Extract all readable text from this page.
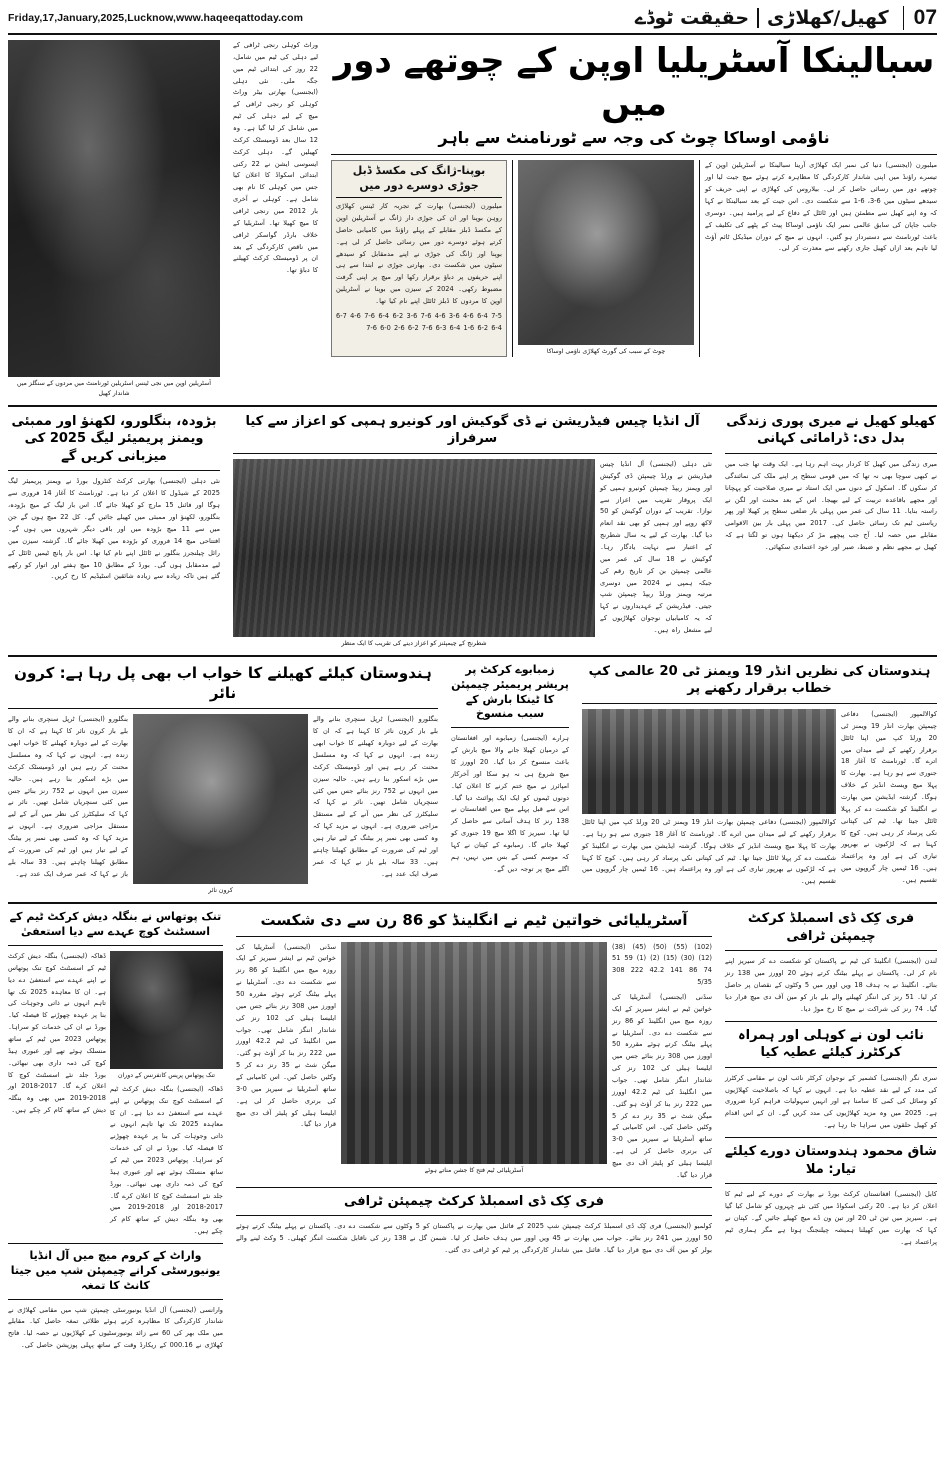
Friday,17,January,2025,Lucknow,www.haqeeqattoday.com	07
کھیل/کھلاڑی
حقیقت ٹوڈے
آسٹریلین اوپن میں نجی ٹینس اسٹریلین ٹورنامنٹ میں مردوں کے سنگلز میں شاندار کھیل
وراٹ کوہلی رنجی ٹرافی کے لیے دہلی کی ٹیم میں شامل، 22 روز کی ابتدائی ٹیم میں جگہ ملی۔ نئی دہلی (ایجنسی) بھارتی بیٹر وراٹ کوہلی کو رنجی ٹرافی کے میچ کے لیے دہلی کی ٹیم میں شامل کر لیا گیا ہے۔ وہ 12 سال بعد ڈومیسٹک کرکٹ کھیلیں گے۔ دہلی کرکٹ ایسوسی ایشن نے 22 رکنی ابتدائی اسکواڈ کا اعلان کیا جس میں کوہلی کا نام بھی شامل ہے۔ کوہلی نے آخری بار 2012 میں رنجی ٹرافی کا میچ کھیلا تھا۔ آسٹریلیا کے خلاف بارڈر گواسکر ٹرافی میں ناقص کارکردگی کے بعد ان پر ڈومیسٹک کرکٹ کھیلنے کا دباؤ تھا۔
سبالینکا آسٹریلیا اوپن کے چوتھے دور میں
ناؤمی اوساکا چوٹ کی وجہ سے ٹورنامنٹ سے باہر
بوپنا-ژانگ کی مکسڈ ڈبل جوڑی دوسرے دور میں
میلبورن (ایجنسی) بھارت کے تجربہ کار ٹینس کھلاڑی روہن بوپنا اور ان کی جوڑی دار ژانگ نے آسٹریلین اوپن کے مکسڈ ڈبلز مقابلے کے پہلے راؤنڈ میں کامیابی حاصل کرتے ہوئے دوسرے دور میں رسائی حاصل کر لی ہے۔ بوپنا اور ژانگ کی جوڑی نے اپنے مدمقابل کو سیدھے سیٹوں میں شکست دی۔ بھارتی جوڑی نے ابتدا سے ہی اپنے حریفوں پر دباؤ برقرار رکھا اور میچ پر اپنی گرفت مضبوط رکھی۔ 2024 کے سیزن میں بوپنا نے آسٹریلین اوپن کا مردوں کا ڈبلز ٹائٹل اپنے نام کیا تھا۔
7-5 6-4 4-6 3-6 4-6 7-6 3-6 6-2 6-4 7-6 4-6 6-7 6-4 6-2 1-6 6-4 6-3 7-6 6-2 2-6 6-0 7-6
چوٹ کے سبب کی گورٹ کھلاڑی ناؤمی اوساکا
میلبورن (ایجنسی) دنیا کی نمبر ایک کھلاڑی آرینا سبالینکا نے آسٹریلین اوپن کے تیسرے راؤنڈ میں اپنی شاندار کارکردگی کا مظاہرہ کرتے ہوئے میچ جیت لیا اور چوتھے دور میں رسائی حاصل کر لی۔ بیلاروس کی کھلاڑی نے اپنی حریف کو سیدھے سیٹوں میں 6-3، 6-1 سے شکست دی۔ اس جیت کے بعد سبالینکا نے کہا کہ وہ اپنے کھیل سے مطمئن ہیں اور ٹائٹل کے دفاع کے لیے پرامید ہیں۔ دوسری جانب جاپان کی سابق عالمی نمبر ایک ناؤمی اوساکا پیٹ کے پٹھے کی تکلیف کے باعث ٹورنامنٹ سے دستبردار ہو گئیں۔ انہوں نے میچ کے دوران میڈیکل ٹائم آؤٹ لیا تاہم بعد ازاں کھیل جاری رکھنے سے معذرت کر لی۔
بڑودہ، بنگلورو، لکھنؤ اور ممبئی ویمنز پریمیئر لیگ 2025 کی میزبانی کریں گے
نئی دہلی (ایجنسی) بھارتی کرکٹ کنٹرول بورڈ نے ویمنز پریمیئر لیگ 2025 کے شیڈول کا اعلان کر دیا ہے۔ ٹورنامنٹ کا آغاز 14 فروری سے ہوگا اور فائنل 15 مارچ کو کھیلا جائے گا۔ اس بار لیگ کے میچ بڑودہ، بنگلورو، لکھنؤ اور ممبئی میں کھیلے جائیں گے۔ کل 22 میچ ہوں گے جن میں سے 11 میچ بڑودہ میں اور باقی دیگر شہروں میں ہوں گے۔ افتتاحی میچ 14 فروری کو بڑودہ میں کھیلا جائے گا۔ گزشتہ سیزن میں رائل چیلنجرز بنگلور نے ٹائٹل اپنے نام کیا تھا۔ اس بار پانچ ٹیمیں ٹائٹل کے لیے مدمقابل ہوں گی۔ بورڈ کے مطابق 10 میچ ہفتے اور اتوار کو رکھے گئے ہیں تاکہ زیادہ سے زیادہ شائقین اسٹیڈیم کا رخ کریں۔
آل انڈیا چیس فیڈریشن نے ڈی گوکیش اور کونیرو ہمپی کو اعزاز سے کیا سرفراز
شطرنج کے چیمپئنز کو اعزاز دینے کی تقریب کا ایک منظر
نئی دہلی (ایجنسی) آل انڈیا چیس فیڈریشن نے ورلڈ چیمپئن ڈی گوکیش اور ویمنز ریپڈ چیمپئن کونیرو ہمپی کو ایک پروقار تقریب میں اعزاز سے نوازا۔ تقریب کے دوران گوکیش کو 50 لاکھ روپے اور ہمپی کو بھی نقد انعام دیا گیا۔ بھارت کے لیے یہ سال شطرنج کے اعتبار سے نہایت یادگار رہا۔ گوکیش نے 18 سال کی عمر میں عالمی چیمپئن بن کر تاریخ رقم کی جبکہ ہمپی نے 2024 میں دوسری مرتبہ ویمنز ورلڈ ریپڈ چیمپئن شپ جیتی۔ فیڈریشن کے عہدیداروں نے کہا کہ یہ کامیابیاں نوجوان کھلاڑیوں کے لیے مشعل راہ ہیں۔
کھیلو کھیل نے میری پوری زندگی بدل دی: ڈرامائی کہانی
میری زندگی میں کھیل کا کردار بہت اہم رہا ہے۔ ایک وقت تھا جب میں نے کبھی سوچا بھی نہ تھا کہ میں قومی سطح پر اپنے ملک کی نمائندگی کر سکوں گا۔ اسکول کے دنوں میں ایک استاد نے میری صلاحیت کو پہچانا اور مجھے باقاعدہ تربیت کے لیے بھیجا۔ اس کے بعد محنت اور لگن نے راستہ بنایا۔ 11 سال کی عمر میں پہلی بار ضلعی سطح پر کھیلا اور پھر ریاستی ٹیم تک رسائی حاصل کی۔ 2017 میں پہلی بار بین الاقوامی مقابلے میں حصہ لیا۔ آج جب پیچھے مڑ کر دیکھتا ہوں تو لگتا ہے کہ کھیل نے مجھے نظم و ضبط، صبر اور خود اعتمادی سکھائی۔
ہندوستان کیلئے کھیلنے کا خواب اب بھی پل رہا ہے: کرون نائر
بنگلورو (ایجنسی) ٹرپل سنچری بنانے والے بلے باز کرون نائر کا کہنا ہے کہ ان کا بھارت کے لیے دوبارہ کھیلنے کا خواب ابھی زندہ ہے۔ انہوں نے کہا کہ وہ مسلسل محنت کر رہے ہیں اور ڈومیسٹک کرکٹ میں بڑے اسکور بنا رہے ہیں۔ حالیہ سیزن میں انہوں نے 752 رنز بنائے جس میں کئی سنچریاں شامل تھیں۔ نائر نے کہا کہ سلیکٹرز کی نظر میں آنے کے لیے مستقل مزاجی ضروری ہے۔ انہوں نے مزید کہا کہ وہ کسی بھی نمبر پر بیٹنگ کے لیے تیار ہیں اور ٹیم کی ضرورت کے مطابق کھیلنا چاہتے ہیں۔ 33 سالہ بلے باز نے کہا کہ عمر صرف ایک عدد ہے۔
کرون نائر
بنگلورو (ایجنسی) ٹرپل سنچری بنانے والے بلے باز کرون نائر کا کہنا ہے کہ ان کا بھارت کے لیے دوبارہ کھیلنے کا خواب ابھی زندہ ہے۔ انہوں نے کہا کہ وہ مسلسل محنت کر رہے ہیں اور ڈومیسٹک کرکٹ میں بڑے اسکور بنا رہے ہیں۔ حالیہ سیزن میں انہوں نے 752 رنز بنائے جس میں کئی سنچریاں شامل تھیں۔ نائر نے کہا کہ سلیکٹرز کی نظر میں آنے کے لیے مستقل مزاجی ضروری ہے۔ انہوں نے مزید کہا کہ وہ کسی بھی نمبر پر بیٹنگ کے لیے تیار ہیں اور ٹیم کی ضرورت کے مطابق کھیلنا چاہتے ہیں۔ 33 سالہ بلے باز نے کہا کہ عمر صرف ایک عدد ہے۔
زمبابوے کرکٹ پر پریشر پریمیئر چیمپئن کا ٹینکا بارش کے سبب منسوخ
ہرارے (ایجنسی) زمبابوے اور افغانستان کے درمیان کھیلا جانے والا میچ بارش کے باعث منسوخ کر دیا گیا۔ 20 اوورز کا میچ شروع ہی نہ ہو سکا اور آخرکار امپائرز نے میچ ختم کرنے کا اعلان کیا۔ دونوں ٹیموں کو ایک ایک پوائنٹ دیا گیا۔ اس سے قبل پہلے میچ میں افغانستان نے 138 رنز کا ہدف آسانی سے حاصل کر لیا تھا۔ سیریز کا اگلا میچ 19 جنوری کو کھیلا جائے گا۔ زمبابوے کے کپتان نے کہا کہ موسم کسی کے بس میں نہیں، ہم اگلے میچ پر توجہ دیں گے۔
ہندوستان کی نظریں انڈر 19 ویمنز ٹی 20 عالمی کپ خطاب برقرار رکھنے پر
کوالالمپور (ایجنسی) دفاعی چیمپئن بھارت انڈر 19 ویمنز ٹی 20 ورلڈ کپ میں اپنا ٹائٹل برقرار رکھنے کے لیے میدان میں اترے گا۔ ٹورنامنٹ کا آغاز 18 جنوری سے ہو رہا ہے۔ بھارت کا پہلا میچ ویسٹ انڈیز کے خلاف ہوگا۔ گزشتہ ایڈیشن میں بھارت نے انگلینڈ کو شکست دے کر پہلا ٹائٹل جیتا تھا۔ ٹیم کی کپتانی نکی پرساد کر رہی ہیں۔ کوچ کا کہنا ہے کہ لڑکیوں نے بھرپور تیاری کی ہے اور وہ پراعتماد ہیں۔ 16 ٹیمیں چار گروپوں میں تقسیم ہیں۔
کوالالمپور (ایجنسی) دفاعی چیمپئن بھارت انڈر 19 ویمنز ٹی 20 ورلڈ کپ میں اپنا ٹائٹل برقرار رکھنے کے لیے میدان میں اترے گا۔ ٹورنامنٹ کا آغاز 18 جنوری سے ہو رہا ہے۔ بھارت کا پہلا میچ ویسٹ انڈیز کے خلاف ہوگا۔ گزشتہ ایڈیشن میں بھارت نے انگلینڈ کو شکست دے کر پہلا ٹائٹل جیتا تھا۔ ٹیم کی کپتانی نکی پرساد کر رہی ہیں۔ کوچ کا کہنا ہے کہ لڑکیوں نے بھرپور تیاری کی ہے اور وہ پراعتماد ہیں۔ 16 ٹیمیں چار گروپوں میں تقسیم ہیں۔
تنک پوتھاس نے بنگلہ دیش کرکٹ ٹیم کے اسسٹنٹ کوچ عہدے سے دیا استعفیٰ
ڈھاکہ (ایجنسی) بنگلہ دیش کرکٹ ٹیم کے اسسٹنٹ کوچ تنک پوتھاس نے اپنے عہدے سے استعفیٰ دے دیا ہے۔ ان کا معاہدہ 2025 تک تھا تاہم انہوں نے ذاتی وجوہات کی بنا پر عہدہ چھوڑنے کا فیصلہ کیا۔ بورڈ نے ان کی خدمات کو سراہا۔ پوتھاس 2023 میں ٹیم کے ساتھ منسلک ہوئے تھے اور عبوری ہیڈ کوچ کی ذمہ داری بھی نبھائی۔ بورڈ جلد نئے اسسٹنٹ کوچ کا اعلان کرے گا۔ 2017-2018 اور 2018-2019 میں بھی وہ بنگلہ دیش کے ساتھ کام کر چکے ہیں۔
تنک پوتھاس پریس کانفرنس کے دوران
ڈھاکہ (ایجنسی) بنگلہ دیش کرکٹ ٹیم کے اسسٹنٹ کوچ تنک پوتھاس نے اپنے عہدے سے استعفیٰ دے دیا ہے۔ ان کا معاہدہ 2025 تک تھا تاہم انہوں نے ذاتی وجوہات کی بنا پر عہدہ چھوڑنے کا فیصلہ کیا۔ بورڈ نے ان کی خدمات کو سراہا۔ پوتھاس 2023 میں ٹیم کے ساتھ منسلک ہوئے تھے اور عبوری ہیڈ کوچ کی ذمہ داری بھی نبھائی۔ بورڈ جلد نئے اسسٹنٹ کوچ کا اعلان کرے گا۔ 2017-2018 اور 2018-2019 میں بھی وہ بنگلہ دیش کے ساتھ کام کر چکے ہیں۔
واراٹ کے کروم میچ میں آل انڈیا یونیورسٹی کرانے چیمپئن شپ میں جیتا کانٹ کا تمغہ
وارانسی (ایجنسی) آل انڈیا یونیورسٹی چیمپئن شپ میں مقامی کھلاڑی نے شاندار کارکردگی کا مظاہرہ کرتے ہوئے طلائی تمغہ حاصل کیا۔ مقابلے میں ملک بھر کی 60 سے زائد یونیورسٹیوں کے کھلاڑیوں نے حصہ لیا۔ فاتح کھلاڑی نے 000.16 کے ریکارڈ وقت کے ساتھ پہلی پوزیشن حاصل کی۔
آسٹریلیائی خواتین ٹیم نے انگلینڈ کو 86 رن سے دی شکست
سڈنی (ایجنسی) آسٹریلیا کی خواتین ٹیم نے ایشز سیریز کے ایک روزہ میچ میں انگلینڈ کو 86 رنز سے شکست دے دی۔ آسٹریلیا نے پہلے بیٹنگ کرتے ہوئے مقررہ 50 اوورز میں 308 رنز بنائے جس میں ایلیسا ہیلی کی 102 رنز کی شاندار اننگز شامل تھی۔ جواب میں انگلینڈ کی ٹیم 42.2 اوورز میں 222 رنز بنا کر آؤٹ ہو گئی۔ میگن شٹ نے 35 رنز دے کر 5 وکٹیں حاصل کیں۔ اس کامیابی کے ساتھ آسٹریلیا نے سیریز میں 0-3 کی برتری حاصل کر لی ہے۔ ایلیسا ہیلی کو پلیئر آف دی میچ قرار دیا گیا۔
آسٹریلیائی ٹیم فتح کا جشن مناتے ہوئے
(102) (55) (50) (45) (38) (12) (30) (15) (2) (1) 59 51 74 86 141 42.2 222 308 5/35
سڈنی (ایجنسی) آسٹریلیا کی خواتین ٹیم نے ایشز سیریز کے ایک روزہ میچ میں انگلینڈ کو 86 رنز سے شکست دے دی۔ آسٹریلیا نے پہلے بیٹنگ کرتے ہوئے مقررہ 50 اوورز میں 308 رنز بنائے جس میں ایلیسا ہیلی کی 102 رنز کی شاندار اننگز شامل تھی۔ جواب میں انگلینڈ کی ٹیم 42.2 اوورز میں 222 رنز بنا کر آؤٹ ہو گئی۔ میگن شٹ نے 35 رنز دے کر 5 وکٹیں حاصل کیں۔ اس کامیابی کے ساتھ آسٹریلیا نے سیریز میں 0-3 کی برتری حاصل کر لی ہے۔ ایلیسا ہیلی کو پلیئر آف دی میچ قرار دیا گیا۔
فری کِک ڈی اسمبلڈ کرکٹ چیمپئن ٹرافی
کولمبو (ایجنسی) فری کِک ڈی اسمبلڈ کرکٹ چیمپئن شپ 2025 کے فائنل میں بھارت نے پاکستان کو 5 وکٹوں سے شکست دے دی۔ پاکستان نے پہلے بیٹنگ کرتے ہوئے 50 اوورز میں 241 رنز بنائے۔ جواب میں بھارت نے 45 ویں اوور میں ہدف حاصل کر لیا۔ شبمن گل نے 138 رنز کی ناقابل شکست اننگز کھیلی۔ 5 وکٹ لینے والے بولر کو مین آف دی میچ قرار دیا گیا۔ فائنل میں شاندار کارکردگی پر ٹیم کو ٹرافی دی گئی۔
فری کِک ڈی اسمبلڈ کرکٹ چیمپئن ٹرافی
لندن (ایجنسی) انگلینڈ کی ٹیم نے پاکستان کو شکست دے کر سیریز اپنے نام کر لی۔ پاکستان نے پہلے بیٹنگ کرتے ہوئے 20 اوورز میں 138 رنز بنائے۔ انگلینڈ نے یہ ہدف 18 ویں اوور میں 5 وکٹوں کے نقصان پر حاصل کر لیا۔ 51 رنز کی اننگز کھیلنے والے بلے باز کو مین آف دی میچ قرار دیا گیا۔ 74 رنز کی شراکت نے میچ کا رخ موڑ دیا۔
نائب لون نے کوہلی اور ہمراہ کرکٹرز کیلئے عطیہ کیا
سری نگر (ایجنسی) کشمیر کے نوجوان کرکٹر نائب لون نے مقامی کرکٹرز کی مدد کے لیے نقد عطیہ دیا ہے۔ انہوں نے کہا کہ باصلاحیت کھلاڑیوں کو وسائل کی کمی کا سامنا ہے اور انہیں سہولیات فراہم کرنا ضروری ہے۔ 2025 میں وہ مزید کھلاڑیوں کی مدد کریں گے۔ ان کے اس اقدام کو کھیل حلقوں میں سراہا جا رہا ہے۔
شاق محمود ہندوستان دورے کیلئے تیار: ملا
کابل (ایجنسی) افغانستان کرکٹ بورڈ نے بھارت کے دورے کے لیے ٹیم کا اعلان کر دیا ہے۔ 20 رکنی اسکواڈ میں کئی نئے چہروں کو شامل کیا گیا ہے۔ سیریز میں تین ٹی 20 اور تین ون ڈے میچ کھیلے جائیں گے۔ کپتان نے کہا کہ بھارت میں کھیلنا ہمیشہ چیلنجنگ ہوتا ہے مگر ہماری ٹیم پراعتماد ہے۔
